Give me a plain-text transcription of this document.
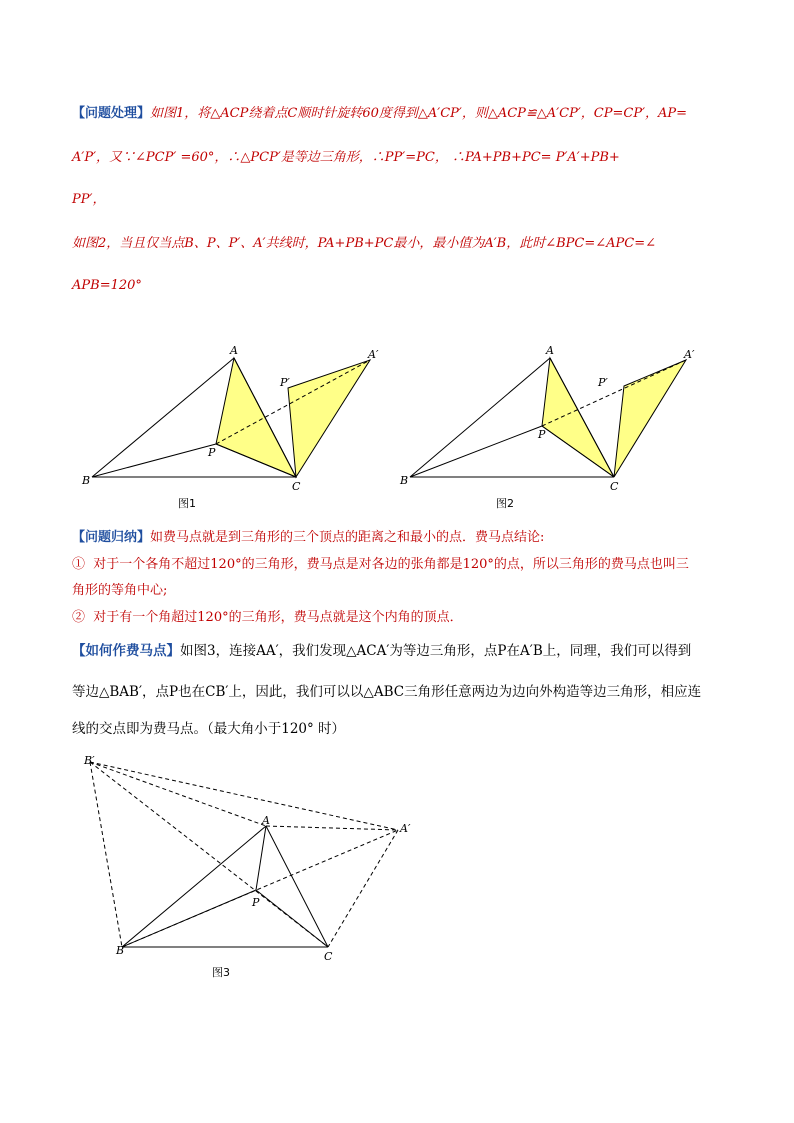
【问题处理】如图1，将△ACP绕着点C顺时针旋转60度得到△A′CP′，则△ACP≌△A′CP′，CP=CP′，AP=
A′P′，又∵∠PCP′ =60°，∴△PCP′是等边三角形，∴PP′=PC， ∴PA+PB+PC= P′A′+PB+
PP′，
如图2，当且仅当点B、P、P′、A′共线时，PA+PB+PC最小，最小值为A′B，此时∠BPC=∠APC=∠
APB=120°
A	A′
P′
P
B	C
图1
A	A′
P′
P
B	C
图2
【问题归纳】如费马点就是到三角形的三个顶点的距离之和最小的点．费马点结论:
① 对于一个各角不超过120°的三角形，费马点是对各边的张角都是120°的点，所以三角形的费马点也叫三
角形的等角中心;
② 对于有一个角超过120°的三角形，费马点就是这个内角的顶点．
【如何作费马点】如图3，连接AA′，我们发现△ACA′为等边三角形，点P在A′B上，同理，我们可以得到
等边△BAB′，点P也在CB′上，因此，我们可以以△ABC三角形任意两边为边向外构造等边三角形，相应连
线的交点即为费马点。（最大角小于120° 时）
B′
A
A′
P
B	C
图3
